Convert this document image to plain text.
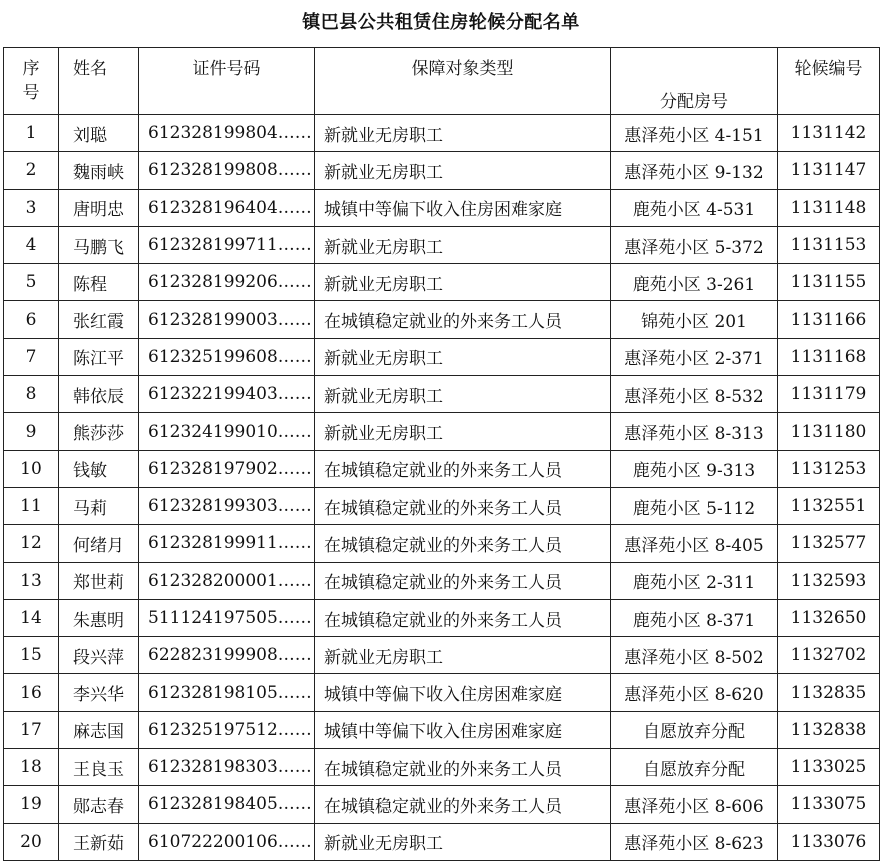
镇巴县公共租赁住房轮候分配名单
序号	姓名	证件号码	保障对象类型	分配房号	轮候编号
1	刘聪	612328199804……	新就业无房职工	惠泽苑小区 4-151	1131142
2	魏雨峡	612328199808……	新就业无房职工	惠泽苑小区 9-132	1131147
3	唐明忠	612328196404……	城镇中等偏下收入住房困难家庭	鹿苑小区 4-531	1131148
4	马鹏飞	612328199711……	新就业无房职工	惠泽苑小区 5-372	1131153
5	陈程	612328199206……	新就业无房职工	鹿苑小区 3-261	1131155
6	张红霞	612328199003……	在城镇稳定就业的外来务工人员	锦苑小区 201	1131166
7	陈江平	612325199608……	新就业无房职工	惠泽苑小区 2-371	1131168
8	韩依辰	612322199403……	新就业无房职工	惠泽苑小区 8-532	1131179
9	熊莎莎	612324199010……	新就业无房职工	惠泽苑小区 8-313	1131180
10	钱敏	612328197902……	在城镇稳定就业的外来务工人员	鹿苑小区 9-313	1131253
11	马莉	612328199303……	在城镇稳定就业的外来务工人员	鹿苑小区 5-112	1132551
12	何绪月	612328199911……	在城镇稳定就业的外来务工人员	惠泽苑小区 8-405	1132577
13	郑世莉	612328200001……	在城镇稳定就业的外来务工人员	鹿苑小区 2-311	1132593
14	朱惠明	511124197505……	在城镇稳定就业的外来务工人员	鹿苑小区 8-371	1132650
15	段兴萍	622823199908……	新就业无房职工	惠泽苑小区 8-502	1132702
16	李兴华	612328198105……	城镇中等偏下收入住房困难家庭	惠泽苑小区 8-620	1132835
17	麻志国	612325197512……	城镇中等偏下收入住房困难家庭	自愿放弃分配	1132838
18	王良玉	612328198303……	在城镇稳定就业的外来务工人员	自愿放弃分配	1133025
19	郧志春	612328198405……	在城镇稳定就业的外来务工人员	惠泽苑小区 8-606	1133075
20	王新茹	610722200106……	新就业无房职工	惠泽苑小区 8-623	1133076
